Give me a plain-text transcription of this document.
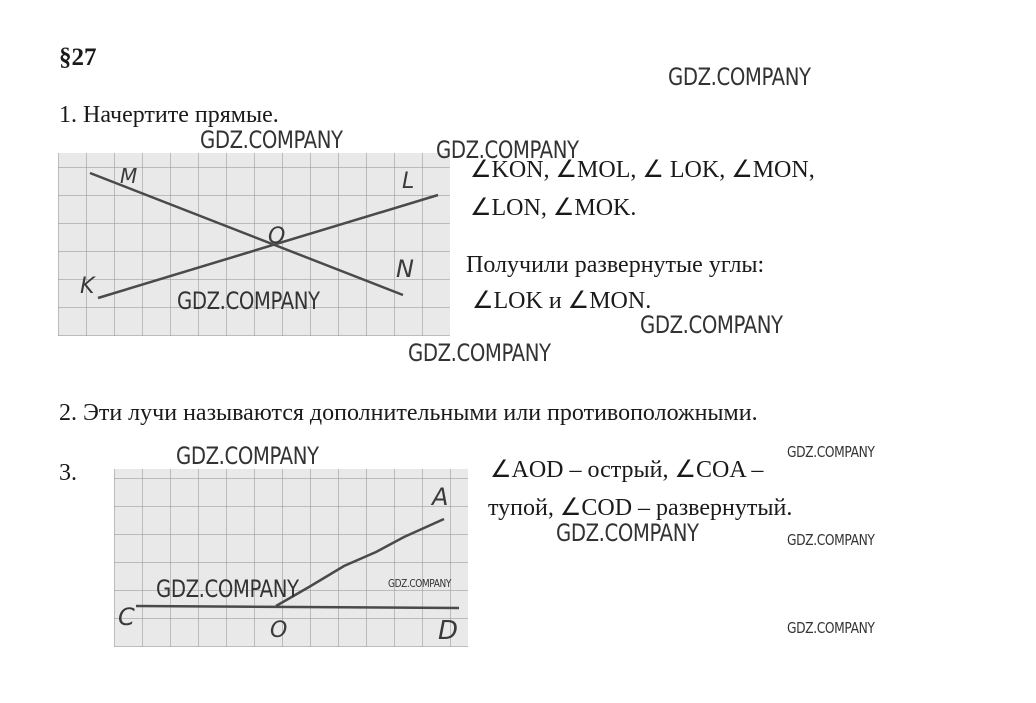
§27
1. Начертите прямые.
M	L
O
K
N
∠KON, ∠MOL, ∠ LOK, ∠MON,
∠LON, ∠MOK.
Получили развернутые углы:
∠LOK и ∠MON.
2. Эти лучи называются дополнительными или противоположными.
3.
A
C	O	D
∠AOD – острый, ∠COA –
тупой, ∠COD – развернутый.
GDZ.COMPANY
GDZ.COMPANY	GDZ.COMPANY
GDZ.COMPANY
GDZ.COMPANY
GDZ.COMPANY
GDZ.COMPANY	GDZ.COMPANY
GDZ.COMPANY	GDZ.COMPANY
GDZ.COMPANY	GDZ.COMPANY
GDZ.COMPANY
